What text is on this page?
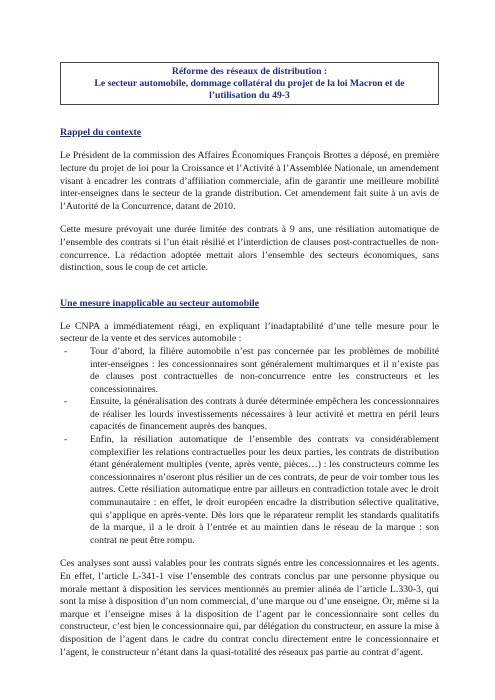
Réforme des réseaux de distribution :
Le secteur automobile, dommage collatéral du projet de la loi Macron et de
l’utilisation du 49-3
Rappel du contexte

Le Président de la commission des Affaires Économiques François Brottes a déposé, en première lecture du projet de loi pour la Croissance et l’Activité à l’Assemblée Nationale, un amendement visant à encadrer les contrats d’affiliation commerciale, afin de garantir une meilleure mobilité inter-enseignes dans le secteur de la grande distribution. Cet amendement fait suite à un avis de l’Autorité de la Concurrence, datant de 2010.

Cette mesure prévoyait une durée limitée des contrats à 9 ans, une résiliation automatique de l’ensemble des contrats si l’un était résilié et l’interdiction de clauses post-contractuelles de non-concurrence. La rédaction adoptée mettait alors l’ensemble des secteurs économiques, sans distinction, sous le coup de cet article.

Une mesure inapplicable au secteur automobile

Le CNPA a immédiatement réagi, en expliquant l’inadaptabilité d’une telle mesure pour le secteur de la vente et des services automobile :

- Tour d’abord, la filière automobile n’est pas concernée par les problèmes de mobilité inter-enseignes : les concessionnaires sont généralement multimarques et il n’existe pas de clauses post contractuelles de non-concurrence entre les constructeurs et les concessionnaires.
- Ensuite, la généralisation des contrats à durée déterminée empêchera les concessionnaires de réaliser les lourds investissements nécessaires à leur activité et mettra en péril leurs capacités de financement auprès des banques.
- Enfin, la résiliation automatique de l’ensemble des contrats va considérablement complexifier les relations contractuelles pour les deux parties, les contrats de distribution étant généralement multiples (vente, après vente, pièces…) : les constructeurs comme les concessionnaires n’oseront plus résilier un de ces contrats, de peur de voir tomber tous les autres. Cette résiliation automatique entre par ailleurs en contradiction totale avec le droit communautaire : en effet, le droit européen encadre la distribution sélective qualitative, qui s’applique en après-vente. Dès lors que le réparateur remplit les standards qualitatifs de la marque, il a le droit à l’entrée et au maintien dans le réseau de la marque : son contrat ne peut être rompu.

Ces analyses sont aussi valables pour les contrats signés entre les concessionnaires et les agents. En effet, l’article L-341-1 vise l’ensemble des contrats conclus par une personne physique ou morale mettant à disposition les services mentionnés au premier alinéa de l’article L.330-3, qui sont la mise à disposition d’un nom commercial, d’une marque ou d’une enseigne. Or, même si la marque et l’enseigne mises à la disposition de l’agent par le concessionnaire sont celles du constructeur, c’est bien le concessionnaire qui, par délégation du constructeur, en assure la mise à disposition de l’agent dans le cadre du contrat conclu directement entre le concessionnaire et l’agent, le constructeur n’étant dans la quasi-totalité des réseaux pas partie au contrat d’agent.
